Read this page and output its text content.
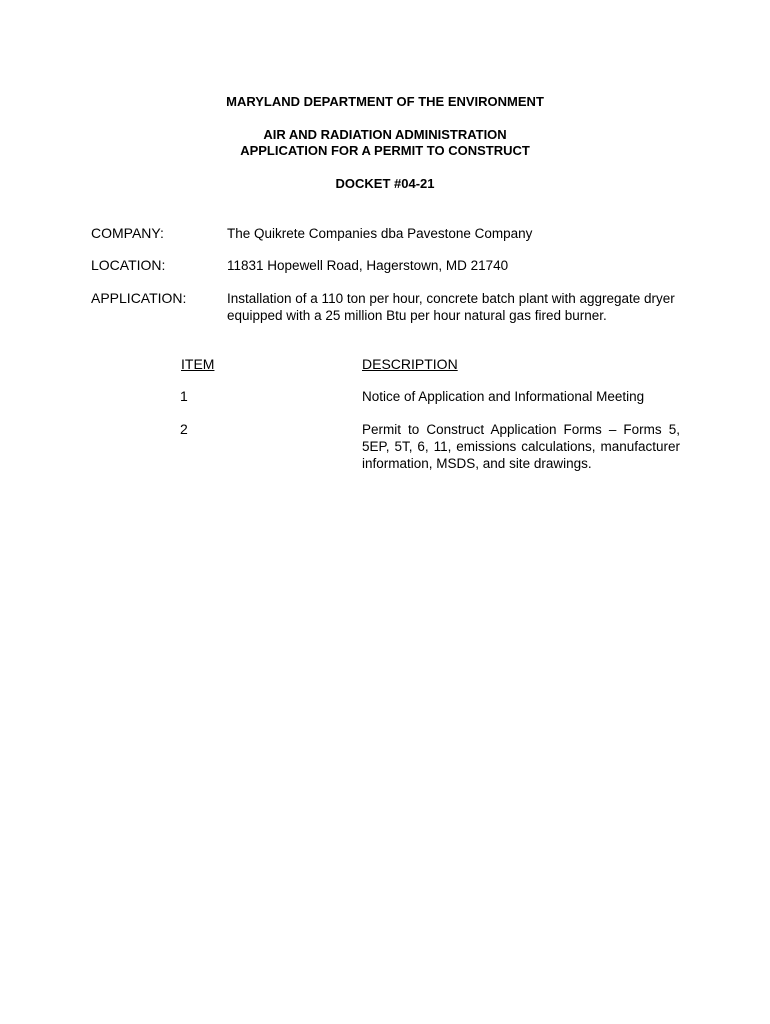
MARYLAND DEPARTMENT OF THE ENVIRONMENT
AIR AND RADIATION ADMINISTRATION
APPLICATION FOR A PERMIT TO CONSTRUCT
DOCKET #04-21
COMPANY:	The Quikrete Companies dba Pavestone Company
LOCATION:	11831 Hopewell Road, Hagerstown, MD 21740
APPLICATION:	Installation of a 110 ton per hour, concrete batch plant with aggregate dryer equipped with a 25 million Btu per hour natural gas fired burner.
ITEM	DESCRIPTION
1	Notice of Application and Informational Meeting
2	Permit to Construct Application Forms – Forms 5, 5EP, 5T, 6, 11, emissions calculations, manufacturer information, MSDS, and site drawings.
